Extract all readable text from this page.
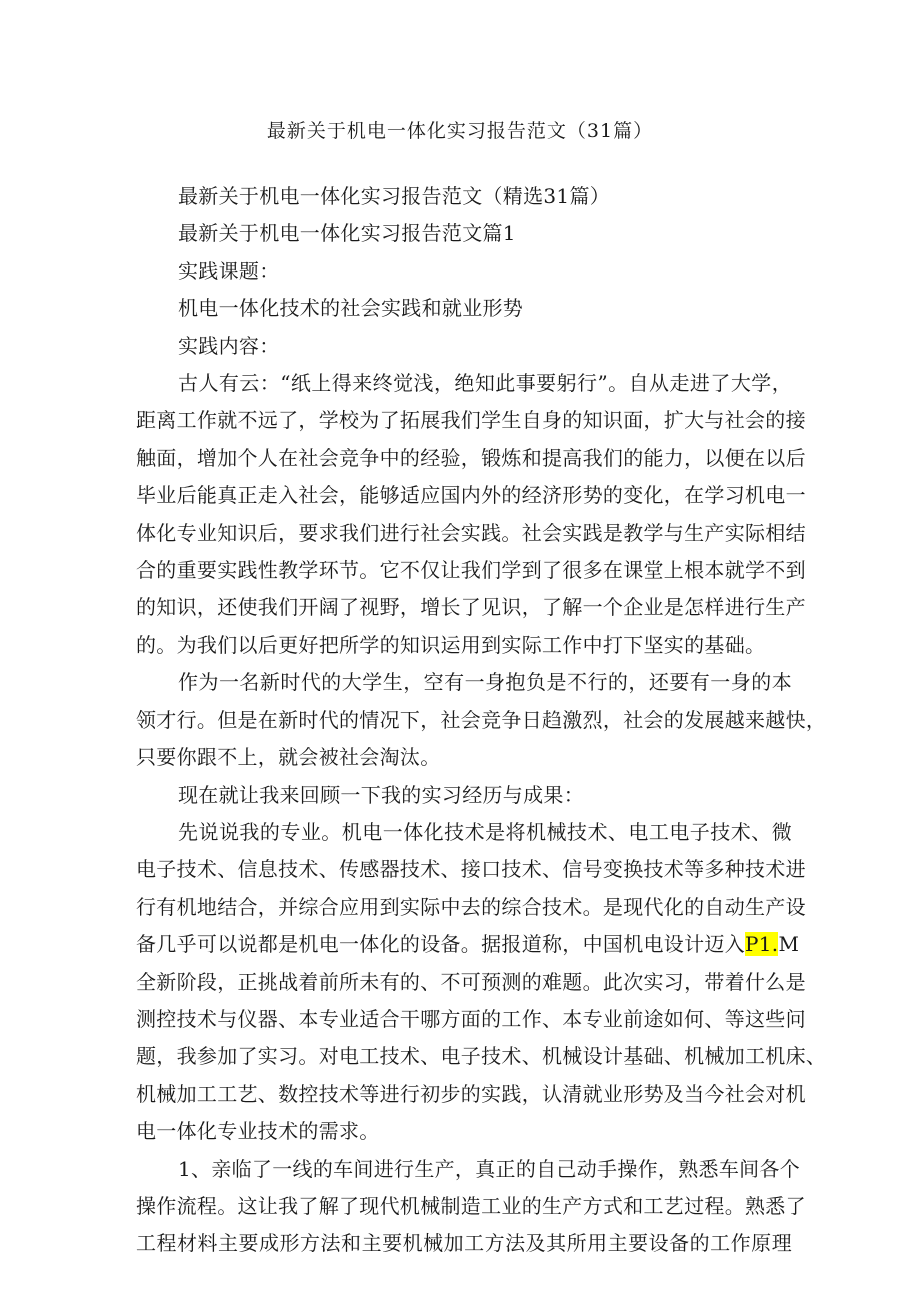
最新关于机电一体化实习报告范文（31篇）
最新关于机电一体化实习报告范文（精选31篇）
最新关于机电一体化实习报告范文篇1
实践课题：
机电一体化技术的社会实践和就业形势
实践内容：
古人有云：“纸上得来终觉浅，绝知此事要躬行”。自从走进了大学，
距离工作就不远了，学校为了拓展我们学生自身的知识面，扩大与社会的接
触面，增加个人在社会竞争中的经验，锻炼和提高我们的能力，以便在以后
毕业后能真正走入社会，能够适应国内外的经济形势的变化，在学习机电一
体化专业知识后，要求我们进行社会实践。社会实践是教学与生产实际相结
合的重要实践性教学环节。它不仅让我们学到了很多在课堂上根本就学不到
的知识，还使我们开阔了视野，增长了见识，了解一个企业是怎样进行生产
的。为我们以后更好把所学的知识运用到实际工作中打下坚实的基础。
作为一名新时代的大学生，空有一身抱负是不行的，还要有一身的本
领才行。但是在新时代的情况下，社会竞争日趋激烈，社会的发展越来越快，
只要你跟不上，就会被社会淘汰。
现在就让我来回顾一下我的实习经历与成果：
先说说我的专业。机电一体化技术是将机械技术、电工电子技术、微
电子技术、信息技术、传感器技术、接口技术、信号变换技术等多种技术进
行有机地结合，并综合应用到实际中去的综合技术。是现代化的自动生产设
备几乎可以说都是机电一体化的设备。据报道称，中国机电设计迈入P1.M
全新阶段，正挑战着前所未有的、不可预测的难题。此次实习，带着什么是
测控技术与仪器、本专业适合干哪方面的工作、本专业前途如何、等这些问
题，我参加了实习。对电工技术、电子技术、机械设计基础、机械加工机床、
机械加工工艺、数控技术等进行初步的实践，认清就业形势及当今社会对机
电一体化专业技术的需求。
1、亲临了一线的车间进行生产，真正的自己动手操作，熟悉车间各个
操作流程。这让我了解了现代机械制造工业的生产方式和工艺过程。熟悉了
工程材料主要成形方法和主要机械加工方法及其所用主要设备的工作原理
